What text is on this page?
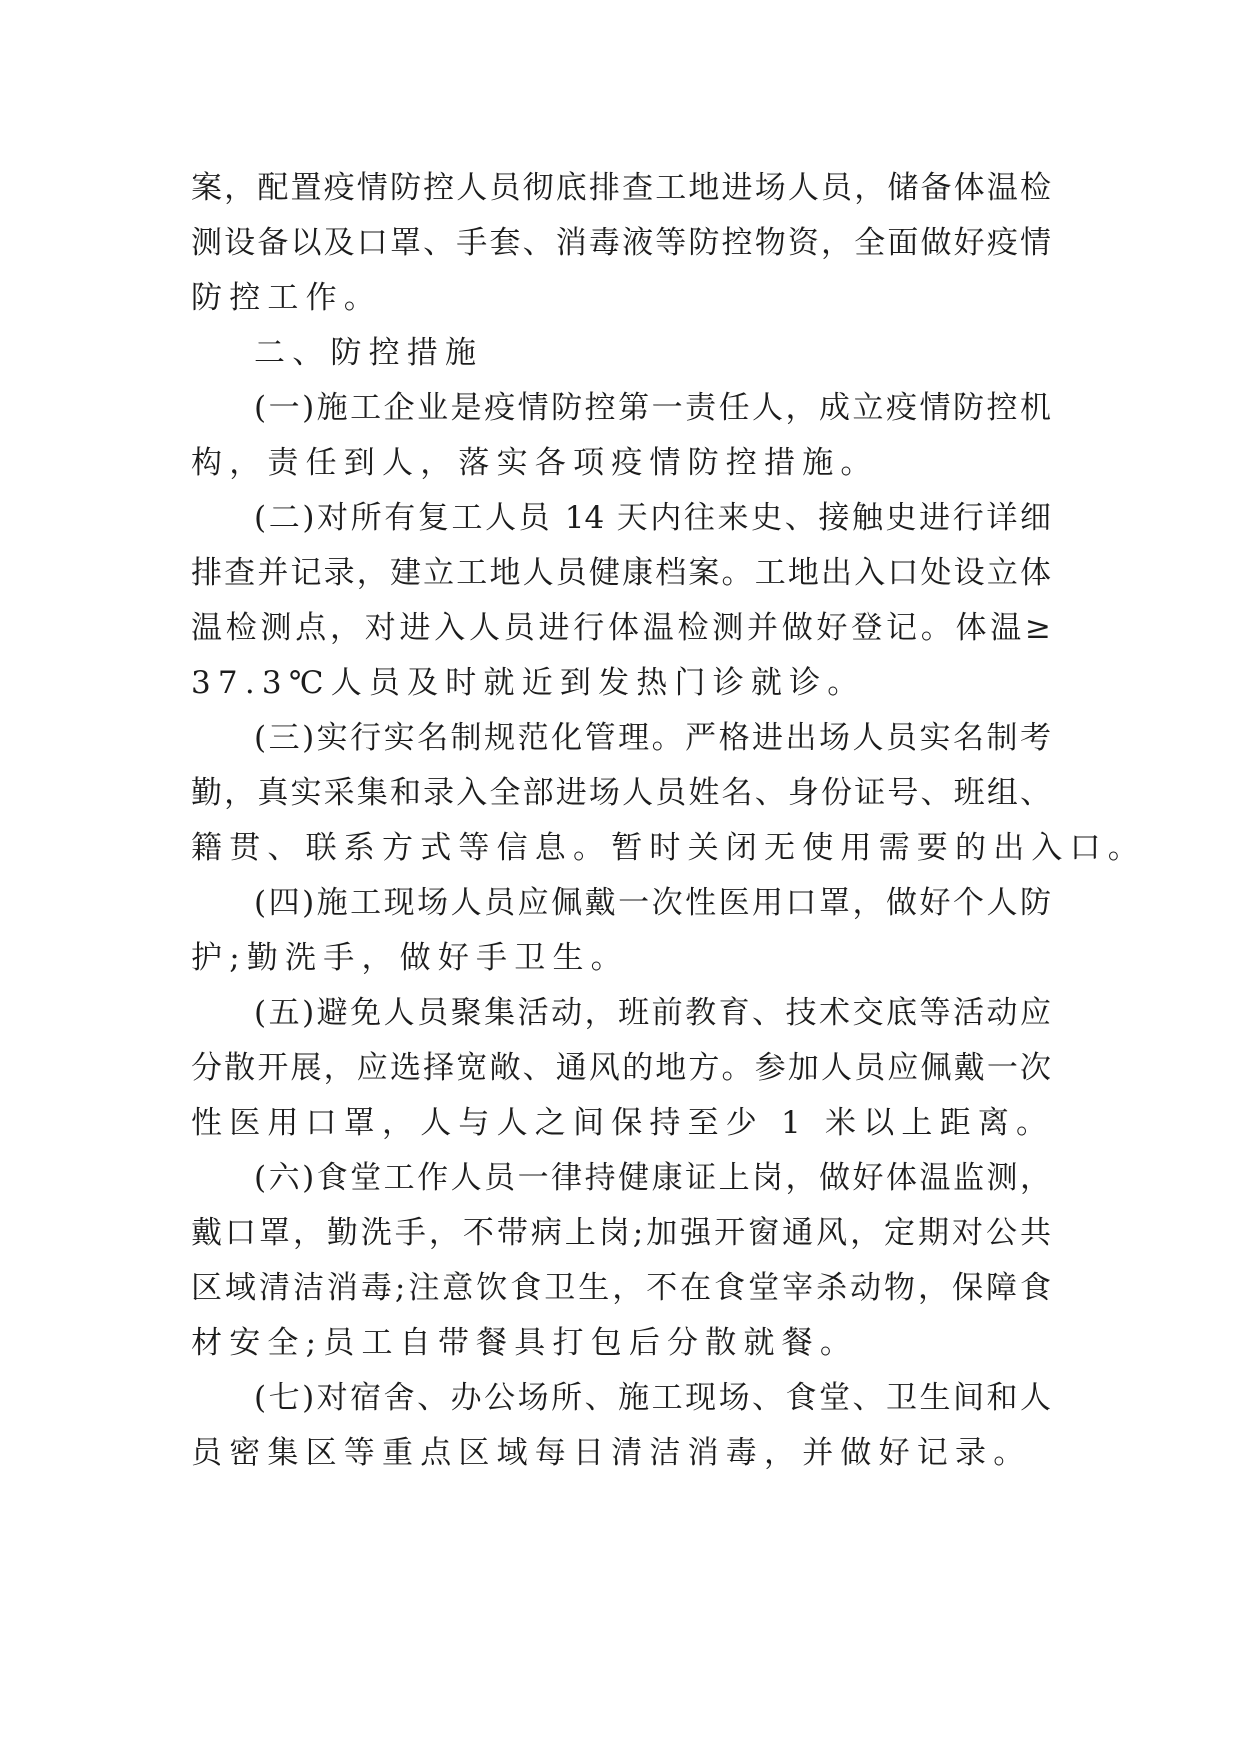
案，配置疫情防控人员彻底排查工地进场人员，储备体温检
测设备以及口罩、手套、消毒液等防控物资，全面做好疫情
防控工作。
二、防控措施
(一)施工企业是疫情防控第一责任人，成立疫情防控机
构，责任到人，落实各项疫情防控措施。
(二)对所有复工人员 14 天内往来史、接触史进行详细
排查并记录，建立工地人员健康档案。工地出入口处设立体
温检测点，对进入人员进行体温检测并做好登记。体温≥
37.3℃人员及时就近到发热门诊就诊。
(三)实行实名制规范化管理。严格进出场人员实名制考
勤，真实采集和录入全部进场人员姓名、身份证号、班组、
籍贯、联系方式等信息。暂时关闭无使用需要的出入口。
(四)施工现场人员应佩戴一次性医用口罩，做好个人防
护;勤洗手，做好手卫生。
(五)避免人员聚集活动，班前教育、技术交底等活动应
分散开展，应选择宽敞、通风的地方。参加人员应佩戴一次
性医用口罩，人与人之间保持至少 1 米以上距离。
(六)食堂工作人员一律持健康证上岗，做好体温监测，
戴口罩，勤洗手，不带病上岗;加强开窗通风，定期对公共
区域清洁消毒;注意饮食卫生，不在食堂宰杀动物，保障食
材安全;员工自带餐具打包后分散就餐。
(七)对宿舍、办公场所、施工现场、食堂、卫生间和人
员密集区等重点区域每日清洁消毒，并做好记录。
